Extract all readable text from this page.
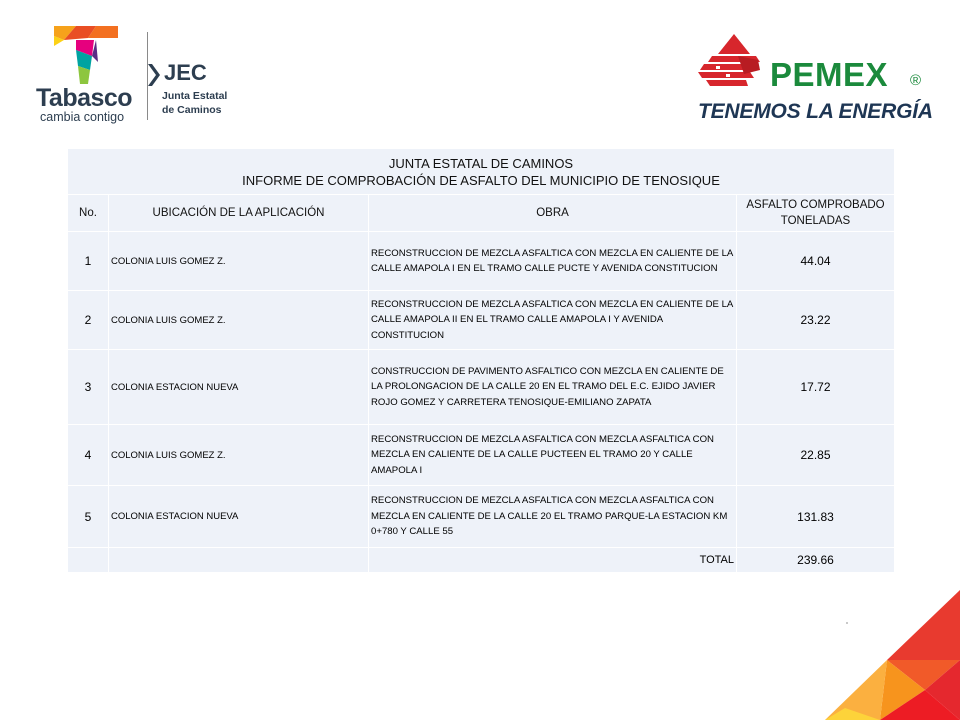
Tabasco
cambia contigo
JEC
Junta Estatal
de Caminos
PEMEX ®
TENEMOS LA ENERGÍA
JUNTA ESTATAL DE CAMINOS
INFORME DE COMPROBACIÓN DE ASFALTO DEL MUNICIPIO DE TENOSIQUE			

No.	UBICACIÓN DE LA APLICACIÓN	OBRA	ASFALTO COMPROBADO
TONELADAS

1	COLONIA LUIS GOMEZ Z.	RECONSTRUCCION DE MEZCLA ASFALTICA CON MEZCLA EN CALIENTE DE LA CALLE AMAPOLA I EN EL TRAMO CALLE PUCTE Y AVENIDA CONSTITUCION	44.04
2	COLONIA LUIS GOMEZ Z.	RECONSTRUCCION DE MEZCLA ASFALTICA CON MEZCLA EN CALIENTE DE LA CALLE AMAPOLA II EN EL TRAMO CALLE AMAPOLA I Y AVENIDA CONSTITUCION	23.22
3	COLONIA ESTACION NUEVA	CONSTRUCCION DE PAVIMENTO ASFALTICO CON MEZCLA EN CALIENTE DE LA PROLONGACION DE LA CALLE 20 EN EL TRAMO DEL E.C. EJIDO JAVIER ROJO GOMEZ Y CARRETERA TENOSIQUE-EMILIANO ZAPATA	17.72
4	COLONIA LUIS GOMEZ Z.	RECONSTRUCCION DE MEZCLA ASFALTICA CON MEZCLA ASFALTICA CON MEZCLA EN CALIENTE DE LA CALLE PUCTEEN EL TRAMO 20 Y CALLE AMAPOLA I	22.85
5	COLONIA ESTACION NUEVA	RECONSTRUCCION DE MEZCLA ASFALTICA CON MEZCLA ASFALTICA CON MEZCLA EN CALIENTE DE LA CALLE 20 EL TRAMO PARQUE-LA ESTACION KM 0+780 Y CALLE 55	131.83
		TOTAL	239.66
